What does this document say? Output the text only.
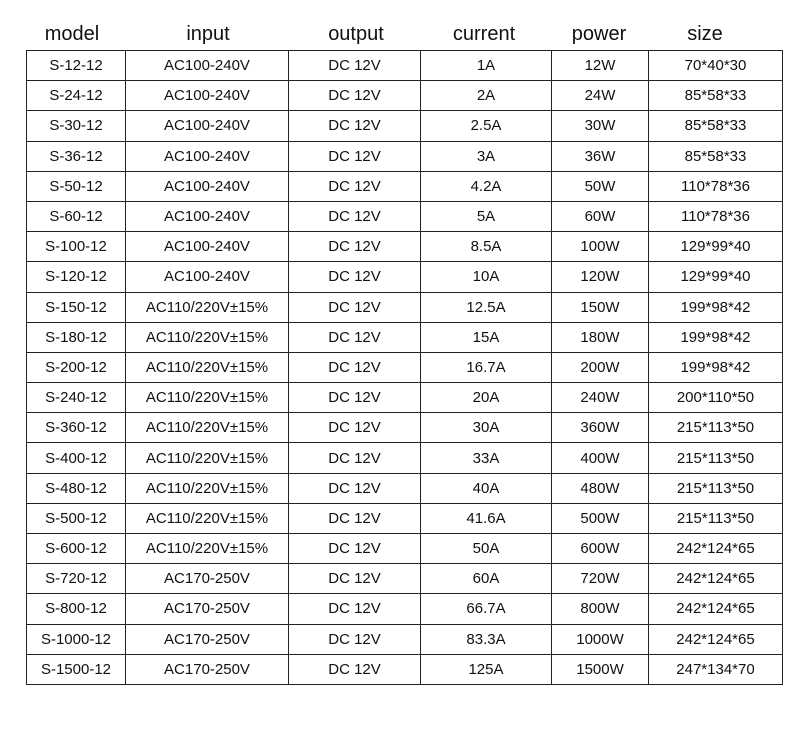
model	input	output	current	power	size
S-12-12	AC100-240V	DC 12V	1A	12W	70*40*30
S-24-12	AC100-240V	DC 12V	2A	24W	85*58*33
S-30-12	AC100-240V	DC 12V	2.5A	30W	85*58*33
S-36-12	AC100-240V	DC 12V	3A	36W	85*58*33
S-50-12	AC100-240V	DC 12V	4.2A	50W	110*78*36
S-60-12	AC100-240V	DC 12V	5A	60W	110*78*36
S-100-12	AC100-240V	DC 12V	8.5A	100W	129*99*40
S-120-12	AC100-240V	DC 12V	10A	120W	129*99*40
S-150-12	AC110/220V±15%	DC 12V	12.5A	150W	199*98*42
S-180-12	AC110/220V±15%	DC 12V	15A	180W	199*98*42
S-200-12	AC110/220V±15%	DC 12V	16.7A	200W	199*98*42
S-240-12	AC110/220V±15%	DC 12V	20A	240W	200*110*50
S-360-12	AC110/220V±15%	DC 12V	30A	360W	215*113*50
S-400-12	AC110/220V±15%	DC 12V	33A	400W	215*113*50
S-480-12	AC110/220V±15%	DC 12V	40A	480W	215*113*50
S-500-12	AC110/220V±15%	DC 12V	41.6A	500W	215*113*50
S-600-12	AC110/220V±15%	DC 12V	50A	600W	242*124*65
S-720-12	AC170-250V	DC 12V	60A	720W	242*124*65
S-800-12	AC170-250V	DC 12V	66.7A	800W	242*124*65
S-1000-12	AC170-250V	DC 12V	83.3A	1000W	242*124*65
S-1500-12	AC170-250V	DC 12V	125A	1500W	247*134*70
